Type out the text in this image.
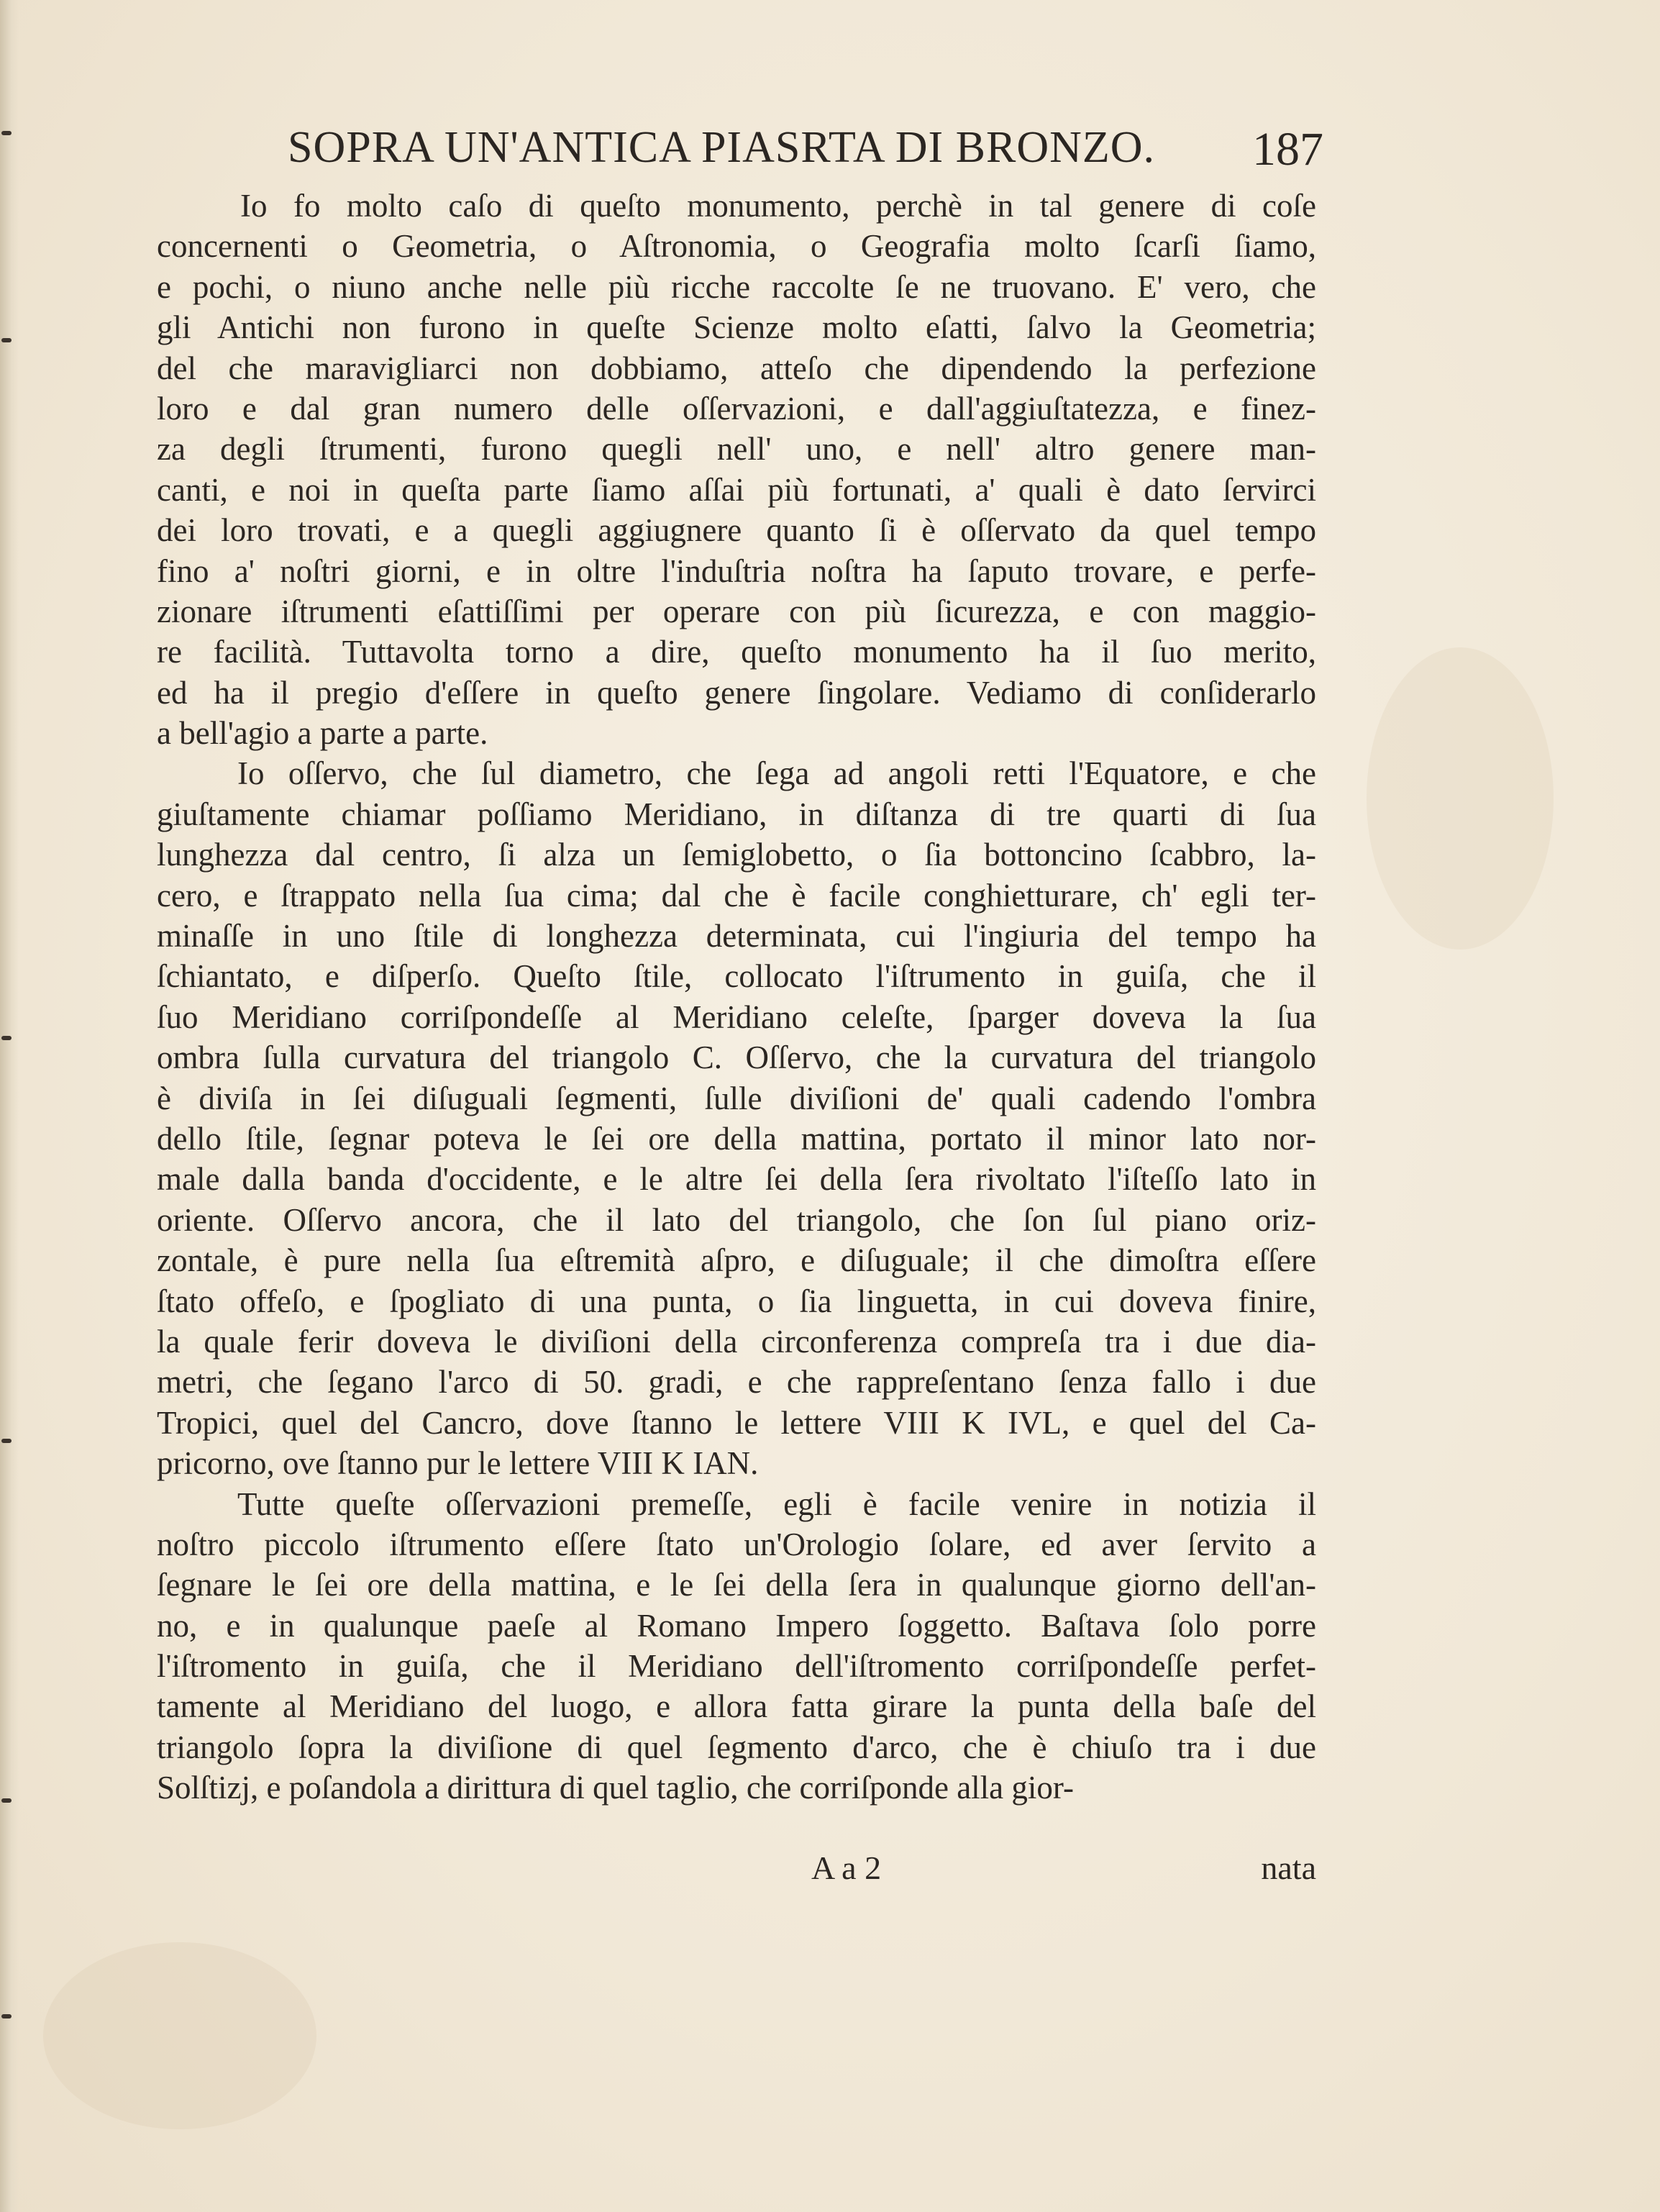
SOPRA UN'ANTICA PIASRTA DI BRONZO. 187
Io fo molto caſo di queſto monumento, perchè in tal genere di coſe
concernenti o Geometria, o Aſtronomia, o Geografia molto ſcarſi ſiamo,
e pochi, o niuno anche nelle più ricche raccolte ſe ne truovano. E' vero, che
gli Antichi non furono in queſte Scienze molto eſatti, ſalvo la Geometria;
del che maravigliarci non dobbiamo, atteſo che dipendendo la perfezione
loro e dal gran numero delle oſſervazioni, e dall'aggiuſtatezza, e finez-
za degli ſtrumenti, furono quegli nell' uno, e nell' altro genere man-
canti, e noi in queſta parte ſiamo aſſai più fortunati, a' quali è dato ſervirci
dei loro trovati, e a quegli aggiugnere quanto ſi è oſſervato da quel tempo
fino a' noſtri giorni, e in oltre l'induſtria noſtra ha ſaputo trovare, e perfe-
zionare iſtrumenti eſattiſſimi per operare con più ſicurezza, e con maggio-
re facilità. Tuttavolta torno a dire, queſto monumento ha il ſuo merito,
ed ha il pregio d'eſſere in queſto genere ſingolare. Vediamo di conſiderarlo
a bell'agio a parte a parte.
Io oſſervo, che ſul diametro, che ſega ad angoli retti l'Equatore, e che
giuſtamente chiamar poſſiamo Meridiano, in diſtanza di tre quarti di ſua
lunghezza dal centro, ſi alza un ſemiglobetto, o ſia bottoncino ſcabbro, la-
cero, e ſtrappato nella ſua cima; dal che è facile conghietturare, ch' egli ter-
minaſſe in uno ſtile di longhezza determinata, cui l'ingiuria del tempo ha
ſchiantato, e diſperſo. Queſto ſtile, collocato l'iſtrumento in guiſa, che il
ſuo Meridiano corriſpondeſſe al Meridiano celeſte, ſparger doveva la ſua
ombra ſulla curvatura del triangolo C. Oſſervo, che la curvatura del triangolo
è diviſa in ſei diſuguali ſegmenti, ſulle diviſioni de' quali cadendo l'ombra
dello ſtile, ſegnar poteva le ſei ore della mattina, portato il minor lato nor-
male dalla banda d'occidente, e le altre ſei della ſera rivoltato l'iſteſſo lato in
oriente. Oſſervo ancora, che il lato del triangolo, che ſon ſul piano oriz-
zontale, è pure nella ſua eſtremità aſpro, e diſuguale; il che dimoſtra eſſere
ſtato offeſo, e ſpogliato di una punta, o ſia linguetta, in cui doveva finire,
la quale ferir doveva le diviſioni della circonferenza compreſa tra i due dia-
metri, che ſegano l'arco di 50. gradi, e che rappreſentano ſenza fallo i due
Tropici, quel del Cancro, dove ſtanno le lettere VIII K IVL, e quel del Ca-
pricorno, ove ſtanno pur le lettere VIII K IAN.
Tutte queſte oſſervazioni premeſſe, egli è facile venire in notizia il
noſtro piccolo iſtrumento eſſere ſtato un'Orologio ſolare, ed aver ſervito a
ſegnare le ſei ore della mattina, e le ſei della ſera in qualunque giorno dell'an-
no, e in qualunque paeſe al Romano Impero ſoggetto. Baſtava ſolo porre
l'iſtromento in guiſa, che il Meridiano dell'iſtromento corriſpondeſſe perfet-
tamente al Meridiano del luogo, e allora fatta girare la punta della baſe del
triangolo ſopra la diviſione di quel ſegmento d'arco, che è chiuſo tra i due
Solſtizj, e poſandola a dirittura di quel taglio, che corriſponde alla gior-
A a 2	nata
